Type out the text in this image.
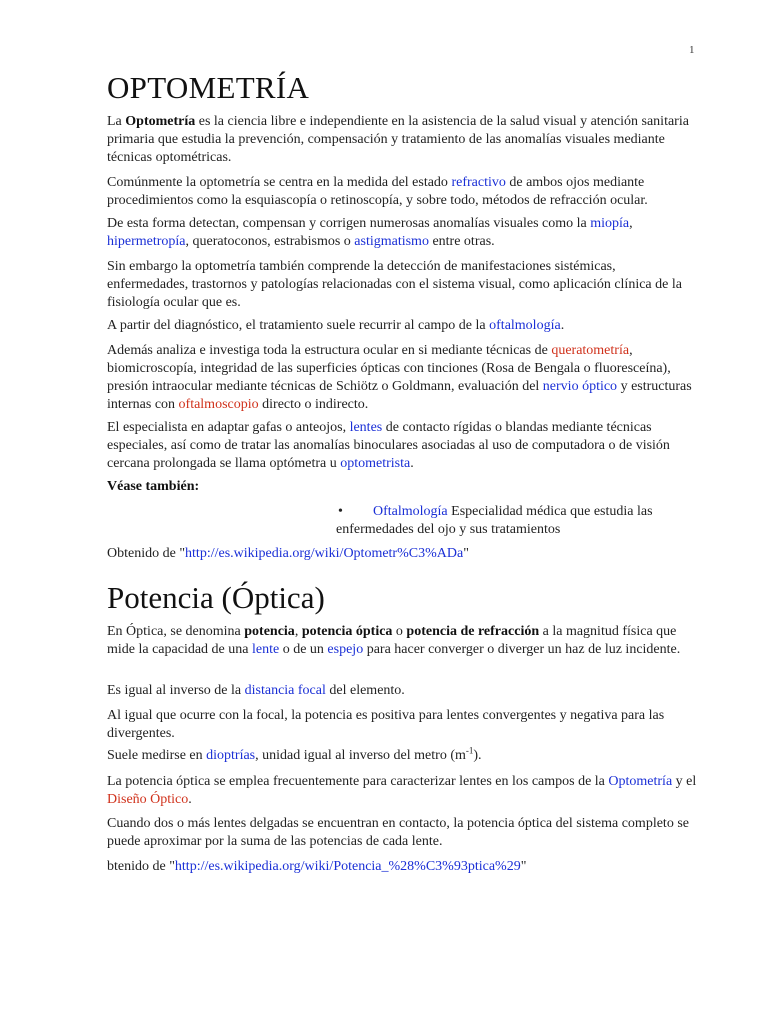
1
OPTOMETRÍA

La Optometría es la ciencia libre e independiente en la asistencia de la salud visual y atención sanitaria primaria que estudia la prevención, compensación y tratamiento de las anomalías visuales mediante técnicas optométricas.

Comúnmente la optometría se centra en la medida del estado refractivo de ambos ojos mediante procedimientos como la esquiascopía o retinoscopía, y sobre todo, métodos de refracción ocular.

De esta forma detectan, compensan y corrigen numerosas anomalías visuales como la miopía, hipermetropía, queratoconos, estrabismos o astigmatismo entre otras.

Sin embargo la optometría también comprende la detección de manifestaciones sistémicas, enfermedades, trastornos y patologías relacionadas con el sistema visual, como aplicación clínica de la fisiología ocular que es.

A partir del diagnóstico, el tratamiento suele recurrir al campo de la oftalmología.

Además analiza e investiga toda la estructura ocular en si mediante técnicas de queratometría, biomicroscopía, integridad de las superficies ópticas con tinciones (Rosa de Bengala o fluoresceína), presión intraocular mediante técnicas de Schiötz o Goldmann, evaluación del nervio óptico y estructuras internas con oftalmoscopio directo o indirecto.

El especialista en adaptar gafas o anteojos, lentes de contacto rígidas o blandas mediante técnicas especiales, así como de tratar las anomalías binoculares asociadas al uso de computadora o de visión cercana prolongada se llama optómetra u optometrista.

Véase también:

•	Oftalmología Especialidad médica que estudia las enfermedades del ojo y sus tratamientos

Obtenido de "http://es.wikipedia.org/wiki/Optometr%C3%ADa"

Potencia (Óptica)

En Óptica, se denomina potencia, potencia óptica o potencia de refracción a la magnitud física que mide la capacidad de una lente o de un espejo para hacer converger o diverger un haz de luz incidente.

Es igual al inverso de la distancia focal del elemento.

Al igual que ocurre con la focal, la potencia es positiva para lentes convergentes y negativa para las divergentes.

Suele medirse en dioptrías, unidad igual al inverso del metro $(m^{-1})$.

La potencia óptica se emplea frecuentemente para caracterizar lentes en los campos de la Optometría y el Diseño Óptico.

Cuando dos o más lentes delgadas se encuentran en contacto, la potencia óptica del sistema completo se puede aproximar por la suma de las potencias de cada lente.

btenido de "http://es.wikipedia.org/wiki/Potencia_%28%C3%93ptica%29"
